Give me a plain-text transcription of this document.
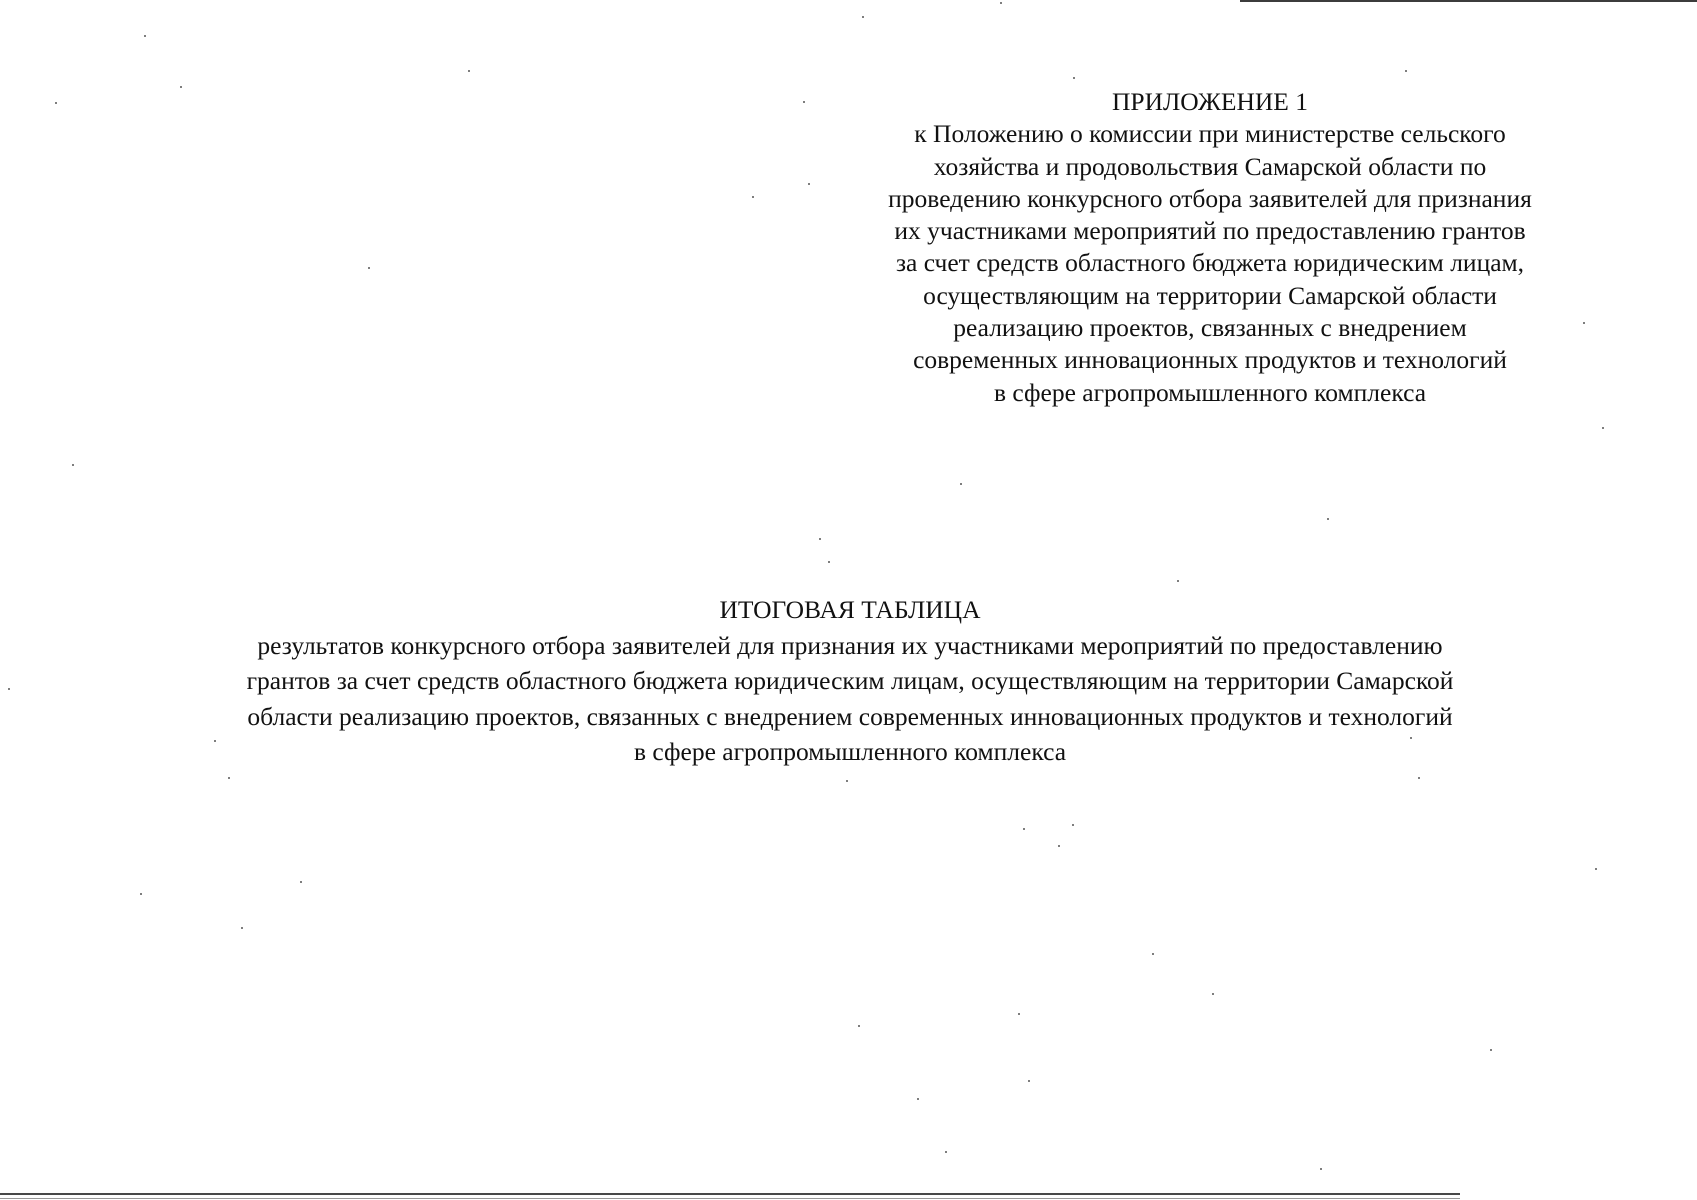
ПРИЛОЖЕНИЕ 1
к Положению о комиссии при министерстве сельского
хозяйства и продовольствия Самарской области по
проведению конкурсного отбора заявителей для признания
их участниками мероприятий по предоставлению грантов
за счет средств областного бюджета юридическим лицам,
осуществляющим на территории Самарской области
реализацию проектов, связанных с внедрением
современных инновационных продуктов и технологий
в сфере агропромышленного комплекса
ИТОГОВАЯ ТАБЛИЦА
результатов конкурсного отбора заявителей для признания их участниками мероприятий по предоставлению
грантов за счет средств областного бюджета юридическим лицам, осуществляющим на территории Самарской
области реализацию проектов, связанных с внедрением современных инновационных продуктов и технологий
в сфере агропромышленного комплекса
